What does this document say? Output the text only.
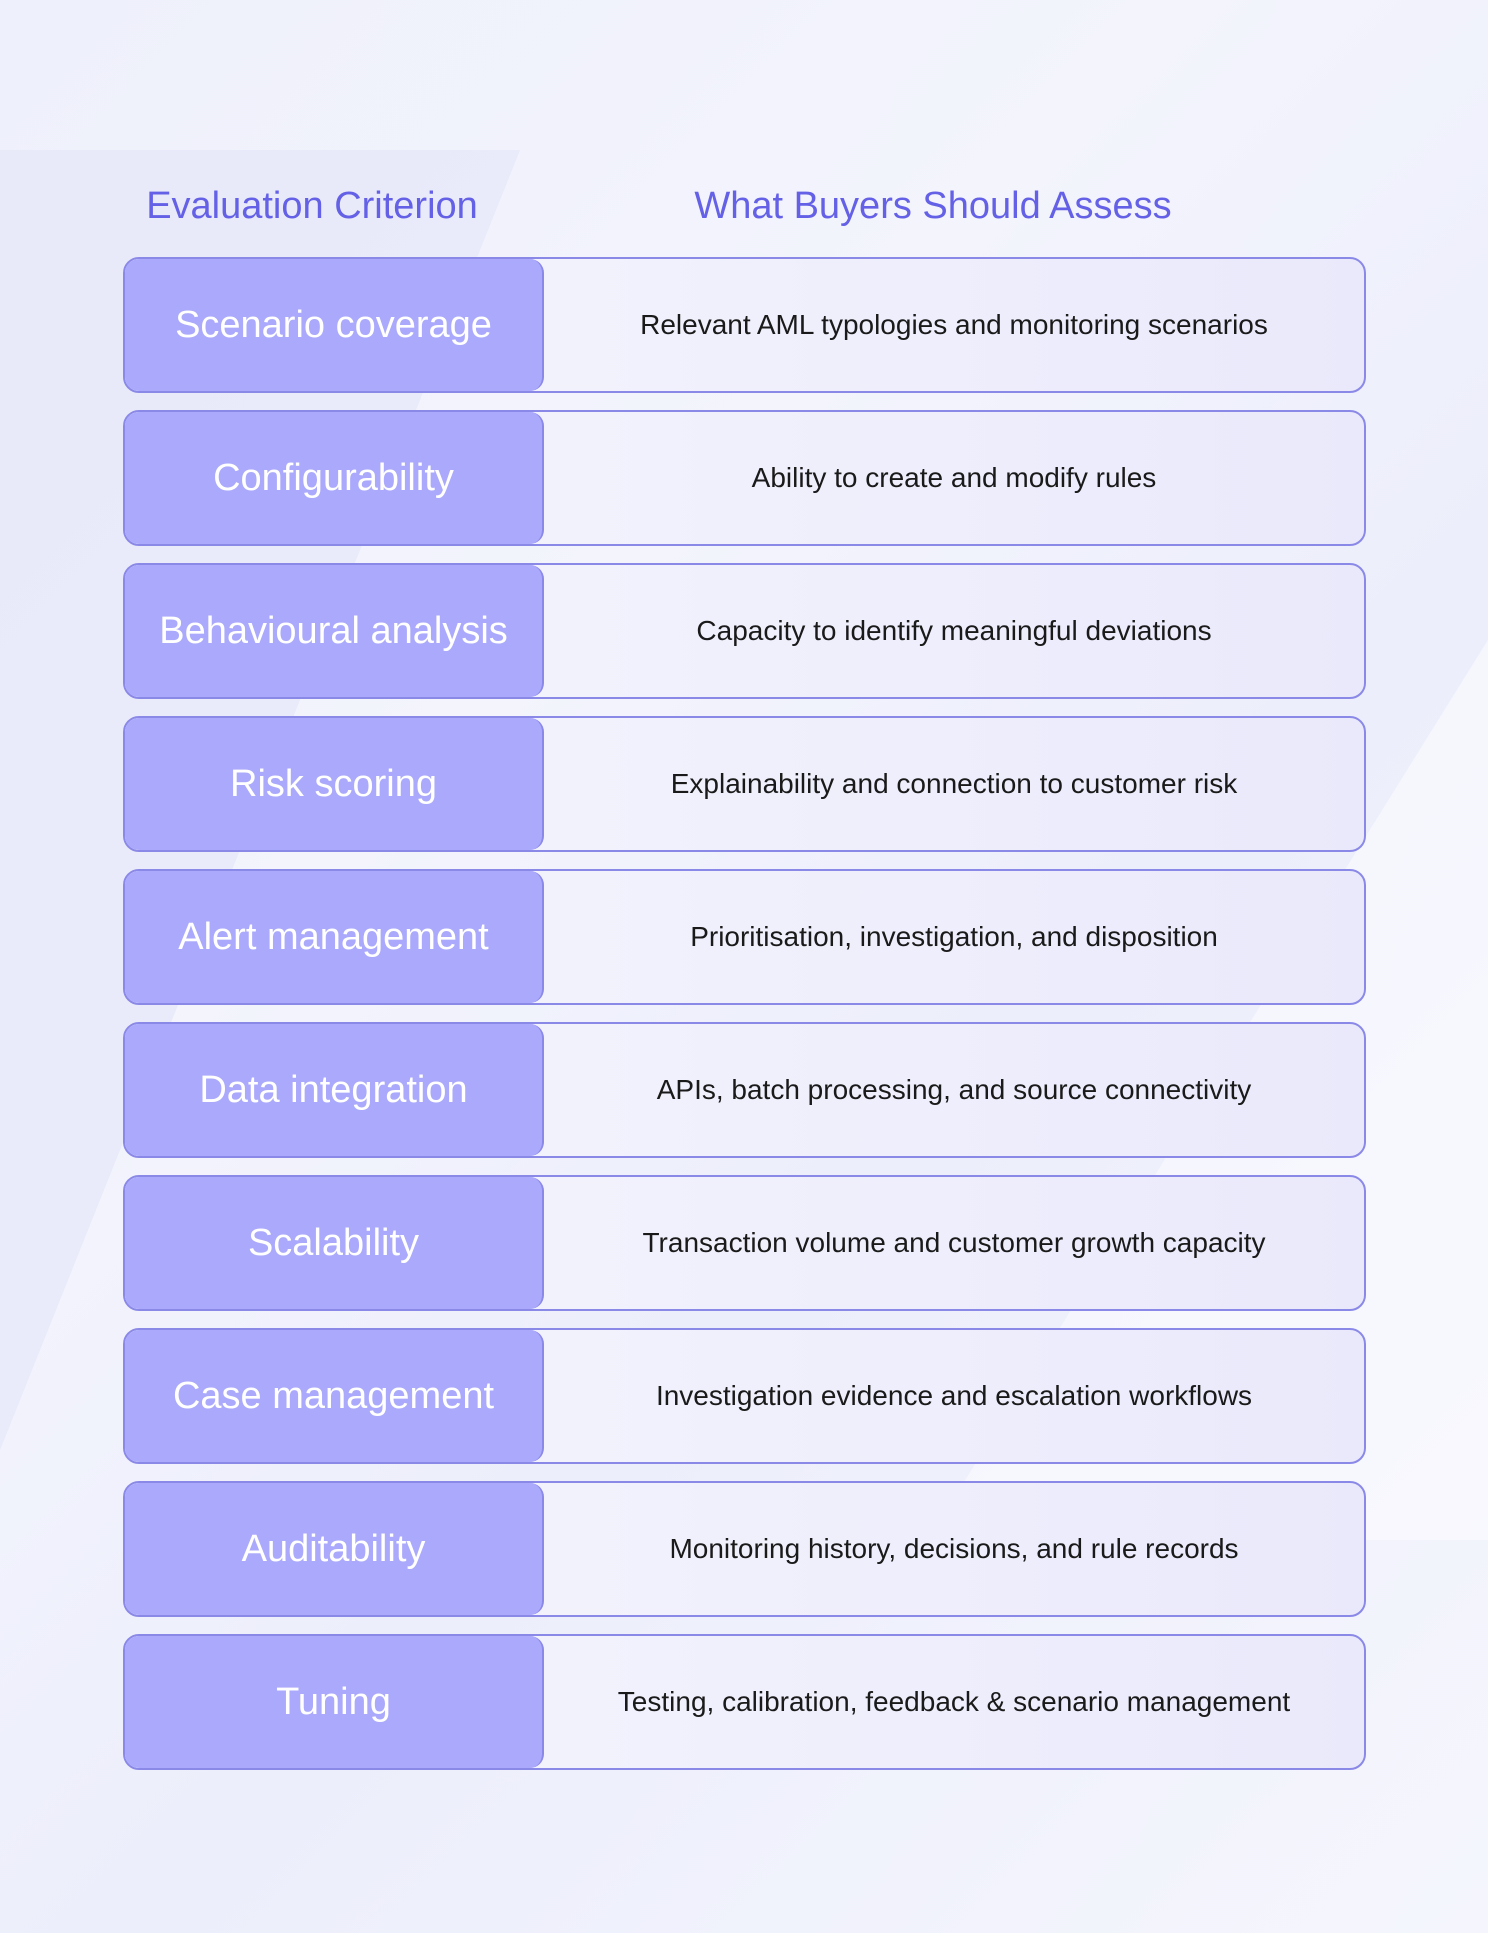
Evaluation Criterion	What Buyers Should Assess
Scenario coverage	Relevant AML typologies and monitoring scenarios
Configurability	Ability to create and modify rules
Behavioural analysis	Capacity to identify meaningful deviations
Risk scoring	Explainability and connection to customer risk
Alert management	Prioritisation, investigation, and disposition
Data integration	APIs, batch processing, and source connectivity
Scalability	Transaction volume and customer growth capacity
Case management	Investigation evidence and escalation workflows
Auditability	Monitoring history, decisions, and rule records
Tuning	Testing, calibration, feedback & scenario management
